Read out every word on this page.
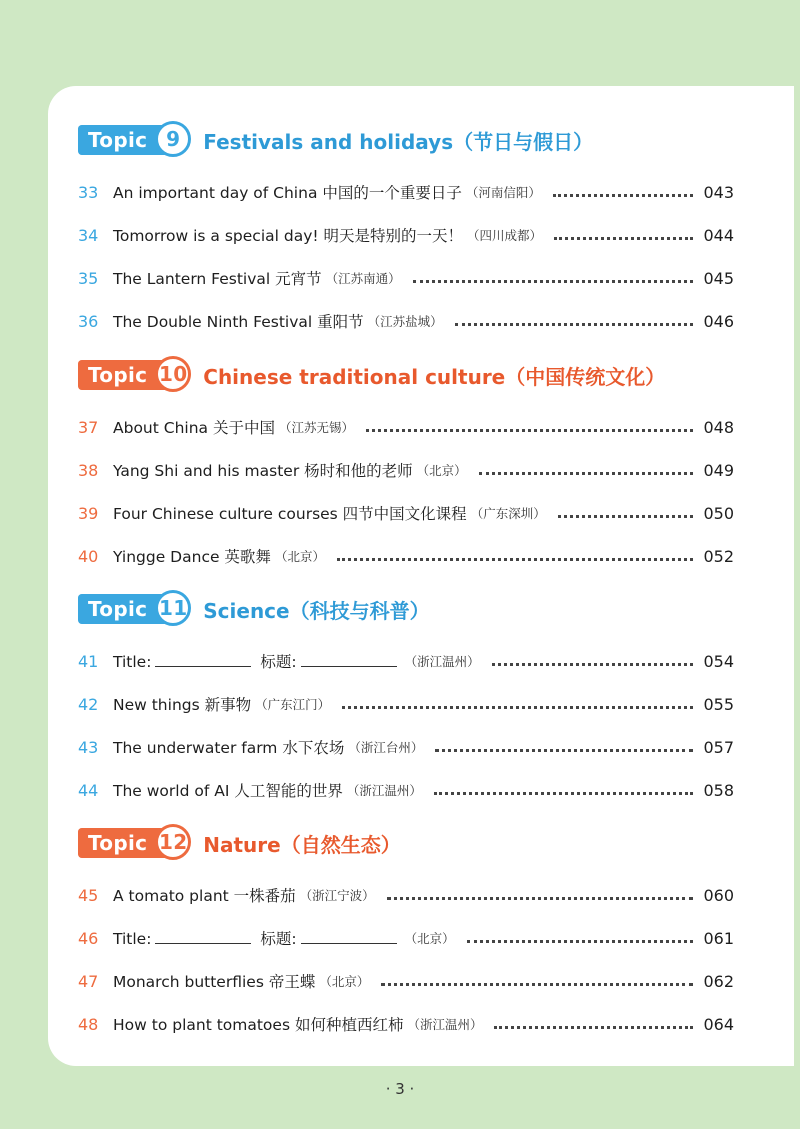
Topic 9	Festivals and holidays（节日与假日）
33 An important day of China 中国的一个重要日子 （河南信阳）	043
34 Tomorrow is a special day! 明天是特别的一天！ （四川成都）	044
35 The Lantern Festival 元宵节 （江苏南通）	045
36 The Double Ninth Festival 重阳节 （江苏盐城）	046
Topic 10 Chinese traditional culture（中国传统文化）
37 About China 关于中国 （江苏无锡）	048
38 Yang Shi and his master 杨时和他的老师 （北京）	049
39 Four Chinese culture courses 四节中国文化课程 （广东深圳）	050
40 Yingge Dance 英歌舞 （北京）	052
Topic 11 Science（科技与科普）
41 Title:	标题:	（浙江温州）	054
42 New things 新事物 （广东江门）	055
43 The underwater farm 水下农场 （浙江台州）	057
44 The world of AI 人工智能的世界 （浙江温州）	058
Topic 12 Nature（自然生态）
45 A tomato plant 一株番茄 （浙江宁波）	060
46 Title:	标题:	（北京）	061
47 Monarch butterflies 帝王蝶 （北京）	062
48 How to plant tomatoes 如何种植西红柿 （浙江温州）	064
· 3 ·
